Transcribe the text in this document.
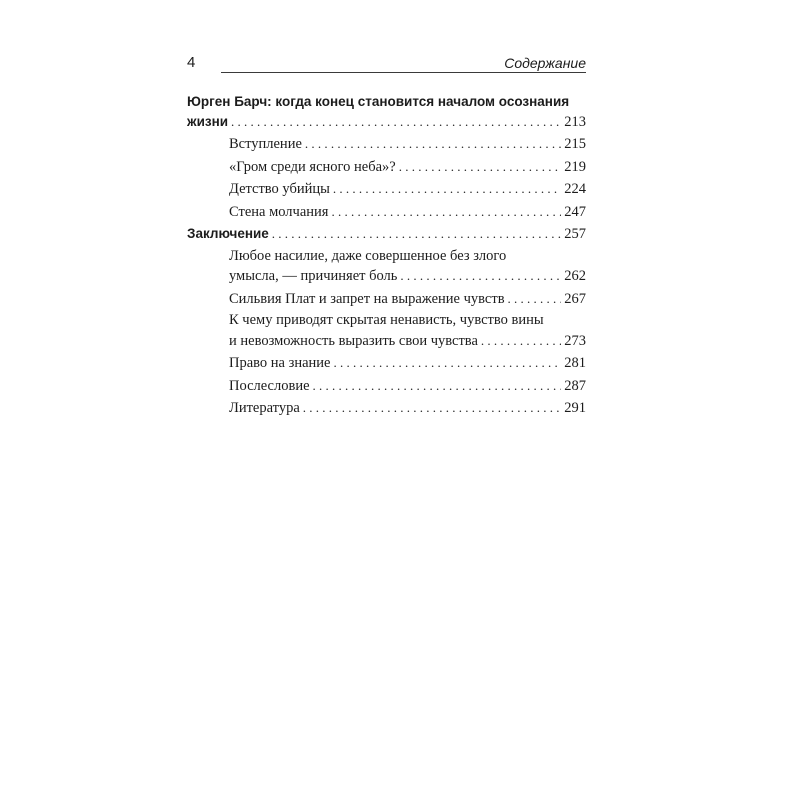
4	Содержание
Юрген Барч: когда конец становится началом осознания
жизни . . .	213
Вступление . . .	215
«Гром среди ясного неба»? . . .	219
Детство убийцы . . .	224
Стена молчания . . .	247
Заключение . . .	257
Любое насилие, даже совершенное без злого
умысла, — причиняет боль . . .	262
Сильвия Плат и запрет на выражение чувств . . .	267
К чему приводят скрытая ненависть, чувство вины
и невозможность выразить свои чувства . . .	273
Право на знание . . .	281
Послесловие . . .	287
Литература . . .	291
